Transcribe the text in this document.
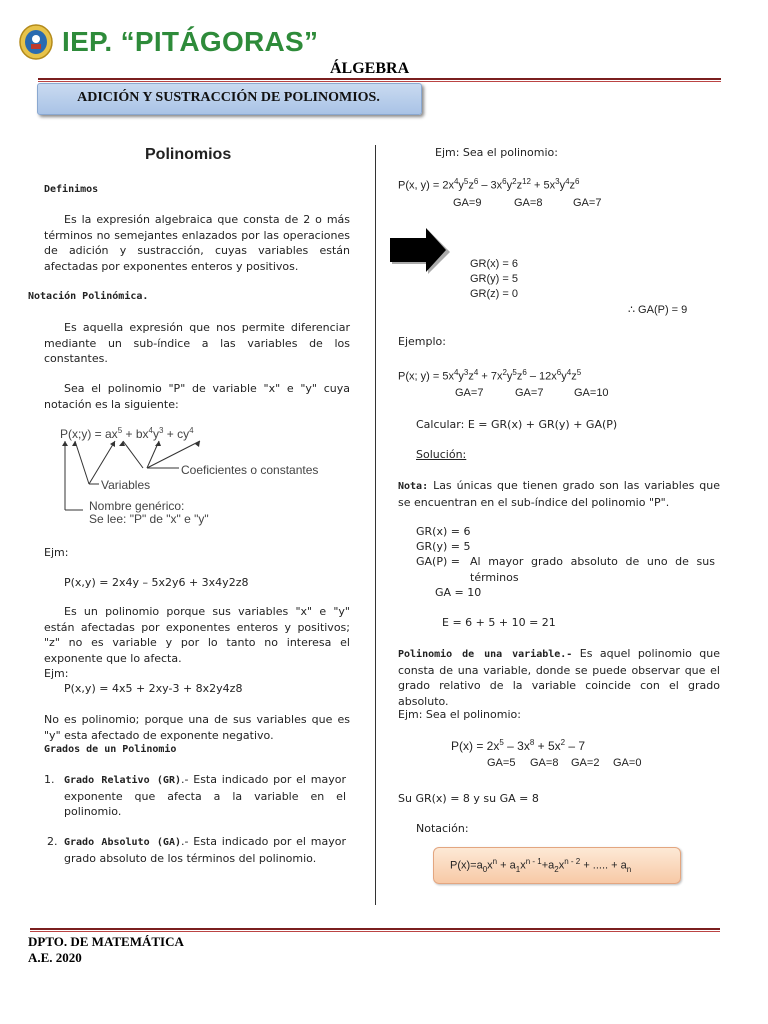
IEP. “PITÁGORAS”
ÁLGEBRA
ADICIÓN Y SUSTRACCIÓN DE POLINOMIOS.
Polinomios
Definimos
Es la expresión algebraica que consta de 2 o más términos no semejantes enlazados por las operaciones de adición y sustracción, cuyas variables están afectadas por exponentes enteros y positivos.
Notación Polinómica.
Es aquella expresión que nos permite diferenciar mediante un sub-índice a las variables de los constantes.
Sea el polinomio "P" de variable "x" e "y" cuya notación es la siguiente:
P(x;y) = $ax^5 + bx^4y^3 + cy^4$
Coeficientes o constantes
Variables
Nombre genérico:
Se lee: "P" de "x" e "y"
Ejm:
P(x,y) = 2x4y – 5x2y6 + 3x4y2z8
Es un polinomio porque sus variables "x" e "y" están afectadas por exponentes enteros y positivos; "z" no es variable y por lo tanto no interesa el exponente que lo afecta.
Ejm:
P(x,y) = 4x5 + 2xy-3 + 8x2y4z8
No es polinomio; porque una de sus variables que es "y" esta afectado de exponente negativo.
Grados de un Polinomio
1. Grado Relativo (GR).- Esta indicado por el mayor exponente que afecta a la variable en el polinomio.
2. Grado Absoluto (GA).- Esta indicado por el mayor grado absoluto de los términos del polinomio.
Ejm: Sea el polinomio:
P(x, $y) = 2x^4y^5z^6 - 3x^6y^2z^{12} + 5x^3y^4z^6$
GA=9	GA=8	GA=7
GR(x) = 6
GR(y) = 5
GR(z) = 0
∴ GA(P) = 9
Ejemplo:
P(x; $y) = 5x^4y^3z^4 + 7x^2y^5z^6 - 12x^6y^4z^5$
GA=7	GA=7	GA=10
Calcular: E = GR(x) + GR(y) + GA(P)
Solución:
Nota: Las únicas que tienen grado son las variables que se encuentran en el sub-índice del polinomio "P".
GR(x) = 6
GR(y) = 5
GA(P) = Al mayor grado absoluto de uno de sus términos
GA = 10
E = 6 + 5 + 10 = 21
Polinomio de una variable.- Es aquel polinomio que consta de una variable, donde se puede observar que el grado relativo de la variable coincide con el grado absoluto.
Ejm: Sea el polinomio:
$P(x) = 2x^5 - 3x^8 + 5x^2 - 7$
GA=5 GA=8 GA=2 GA=0
Su GR(x) = 8 y su GA = 8
Notación:
$P(x)=a_0x^n + a_1x^{n - 1}+a_2x^{n - 2}$ + ..... + $a_n$
DPTO. DE MATEMÁTICA
A.E. 2020
